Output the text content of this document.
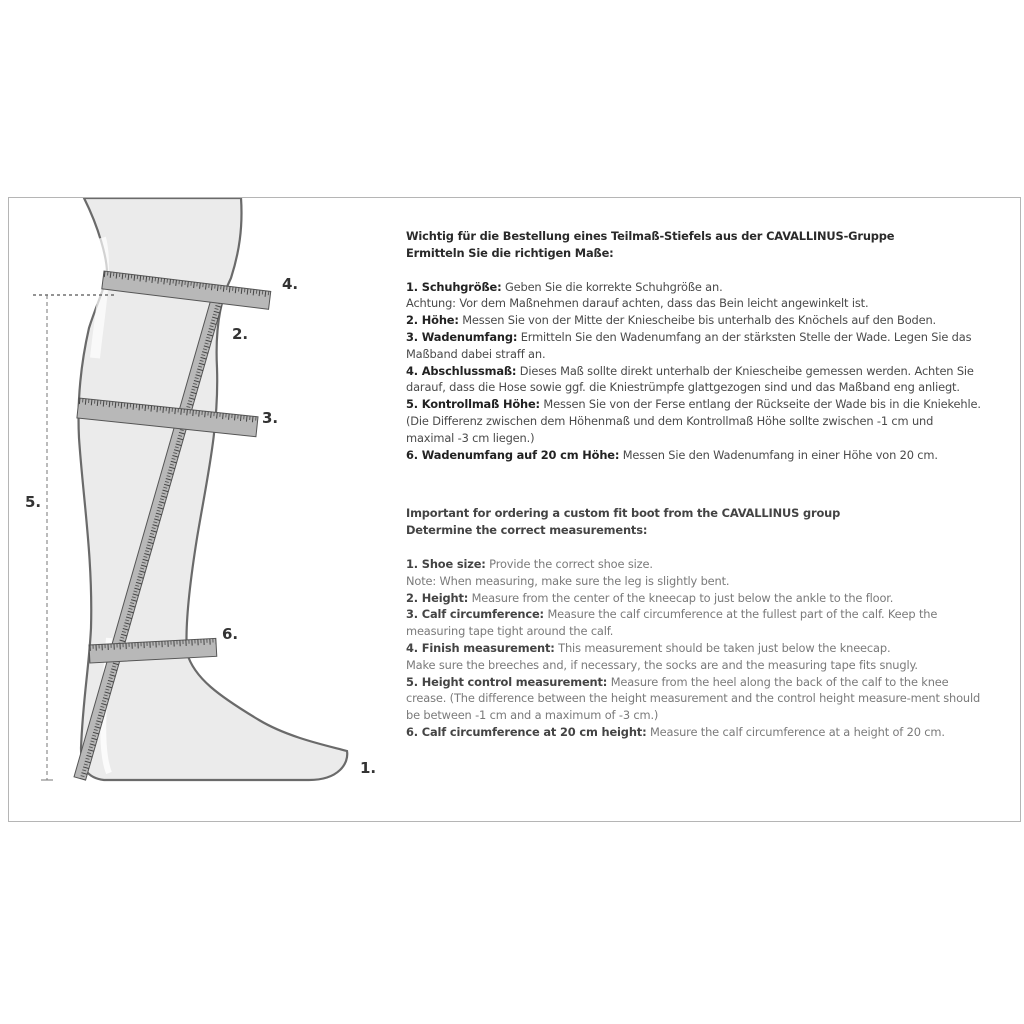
4.
2.
3.
5.
6.
1.

Wichtig für die Bestellung eines Teilmaß-Stiefels aus der CAVALLINUS-Gruppe

Ermitteln Sie die richtigen Maße:

1. Schuhgröße: Geben Sie die korrekte Schuhgröße an.

Achtung: Vor dem Maßnehmen darauf achten, dass das Bein leicht angewinkelt ist.

2. Höhe: Messen Sie von der Mitte der Kniescheibe bis unterhalb des Knöchels auf den Boden.

3. Wadenumfang: Ermitteln Sie den Wadenumfang an der stärksten Stelle der Wade. Legen Sie das Maßband dabei straff an.

4. Abschlussmaß: Dieses Maß sollte direkt unterhalb der Kniescheibe gemessen werden. Achten Sie darauf, dass die Hose sowie ggf. die Kniestrümpfe glattgezogen sind und das Maßband eng anliegt.

5. Kontrollmaß Höhe: Messen Sie von der Ferse entlang der Rückseite der Wade bis in die Kniekehle. (Die Differenz zwischen dem Höhenmaß und dem Kontrollmaß Höhe sollte zwischen -1 cm und maximal -3 cm liegen.)

6. Wadenumfang auf 20 cm Höhe: Messen Sie den Wadenumfang in einer Höhe von 20 cm.

Important for ordering a custom fit boot from the CAVALLINUS group

Determine the correct measurements:

1. Shoe size: Provide the correct shoe size.

Note: When measuring, make sure the leg is slightly bent.

2. Height: Measure from the center of the kneecap to just below the ankle to the floor.

3. Calf circumference: Measure the calf circumference at the fullest part of the calf. Keep the measuring tape tight around the calf.

4. Finish measurement: This measurement should be taken just below the kneecap.

Make sure the breeches and, if necessary, the socks are and the measuring tape fits snugly.

5. Height control measurement: Measure from the heel along the back of the calf to the knee crease. (The difference between the height measurement and the control height measure-ment should be between -1 cm and a maximum of -3 cm.)

6. Calf circumference at 20 cm height: Measure the calf circumference at a height of 20 cm.
